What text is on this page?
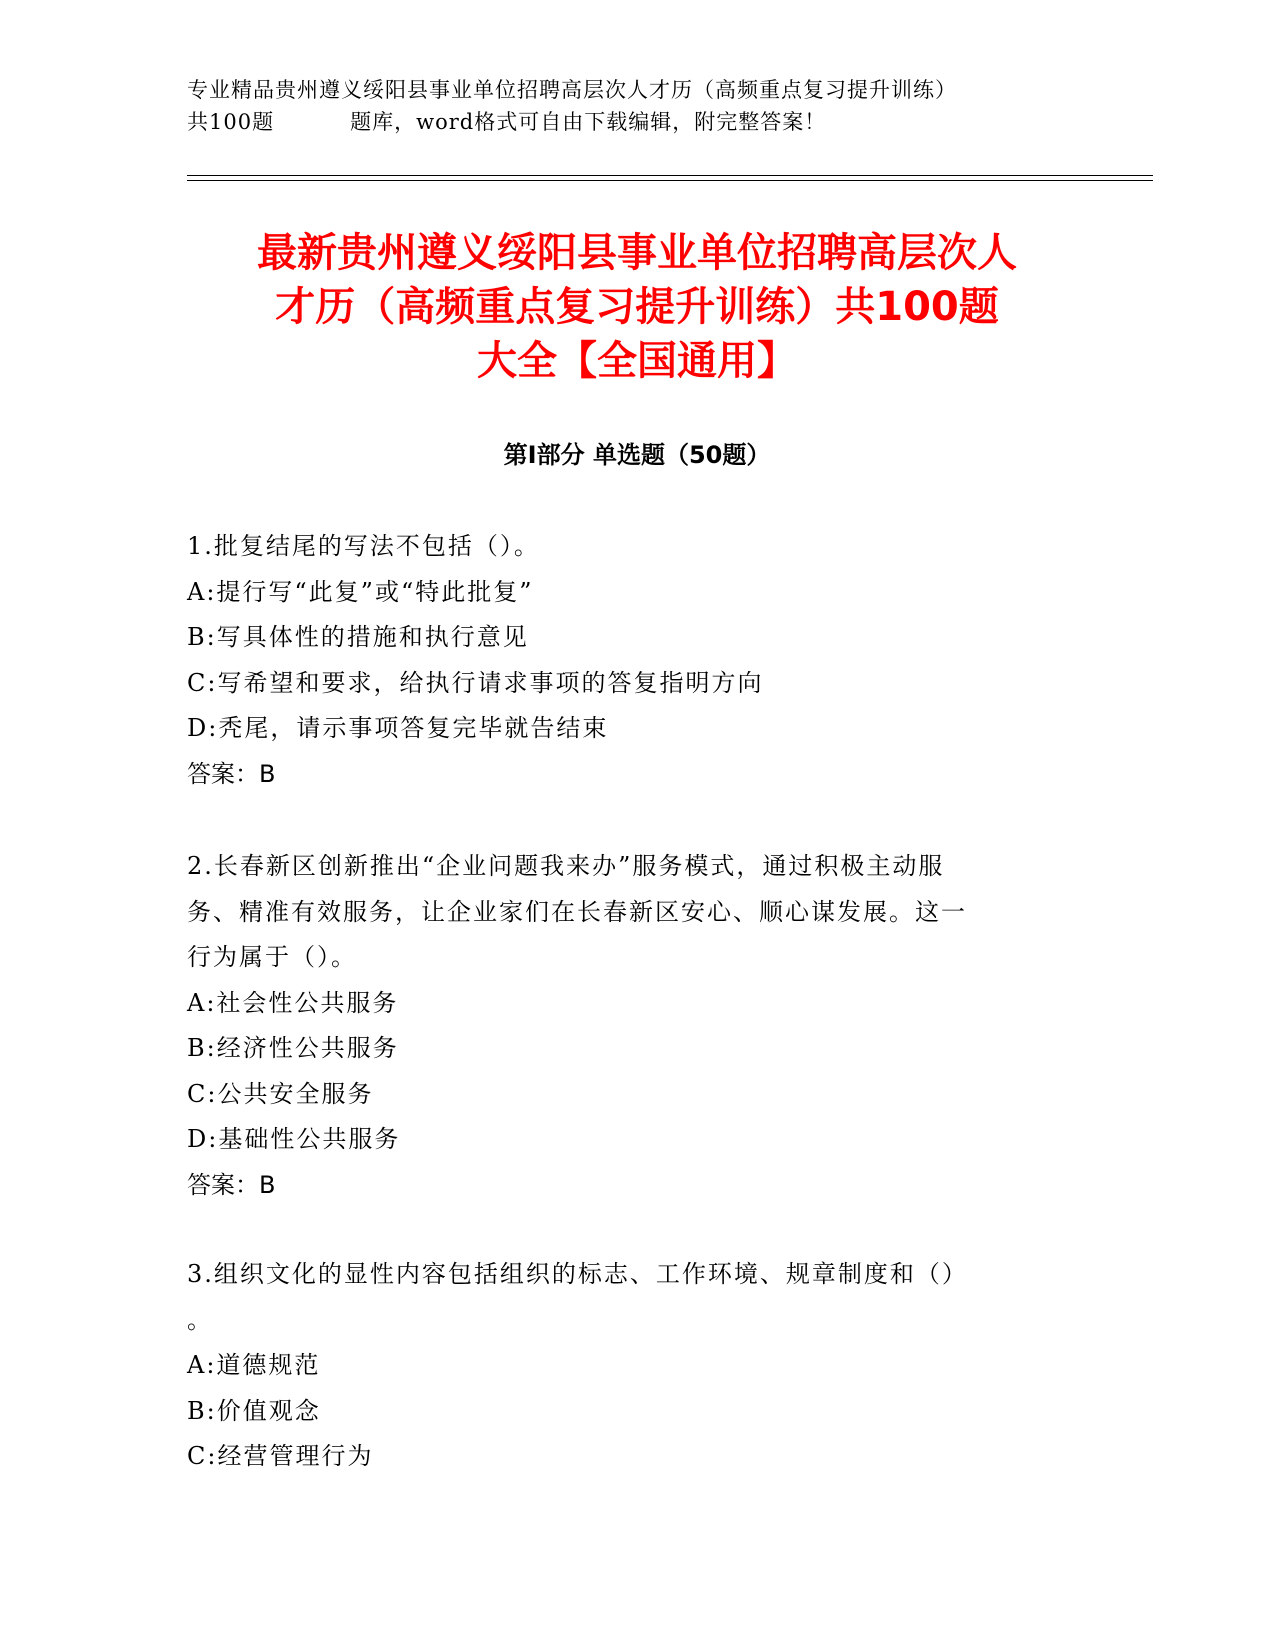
专业精品贵州遵义绥阳县事业单位招聘高层次人才历（高频重点复习提升训练）
共100题	题库，word格式可自由下载编辑，附完整答案！
最新贵州遵义绥阳县事业单位招聘高层次人
才历（高频重点复习提升训练）共100题
大全【全国通用】
第Ⅰ部分 单选题（50题）
1.批复结尾的写法不包括（）。
A:提行写“此复”或“特此批复”
B:写具体性的措施和执行意见
C:写希望和要求，给执行请求事项的答复指明方向
D:秃尾，请示事项答复完毕就告结束
答案：B
2.长春新区创新推出“企业问题我来办”服务模式，通过积极主动服
务、精准有效服务，让企业家们在长春新区安心、顺心谋发展。这一
行为属于（）。
A:社会性公共服务
B:经济性公共服务
C:公共安全服务
D:基础性公共服务
答案：B
3.组织文化的显性内容包括组织的标志、工作环境、规章制度和（）
。
A:道德规范
B:价值观念
C:经营管理行为
